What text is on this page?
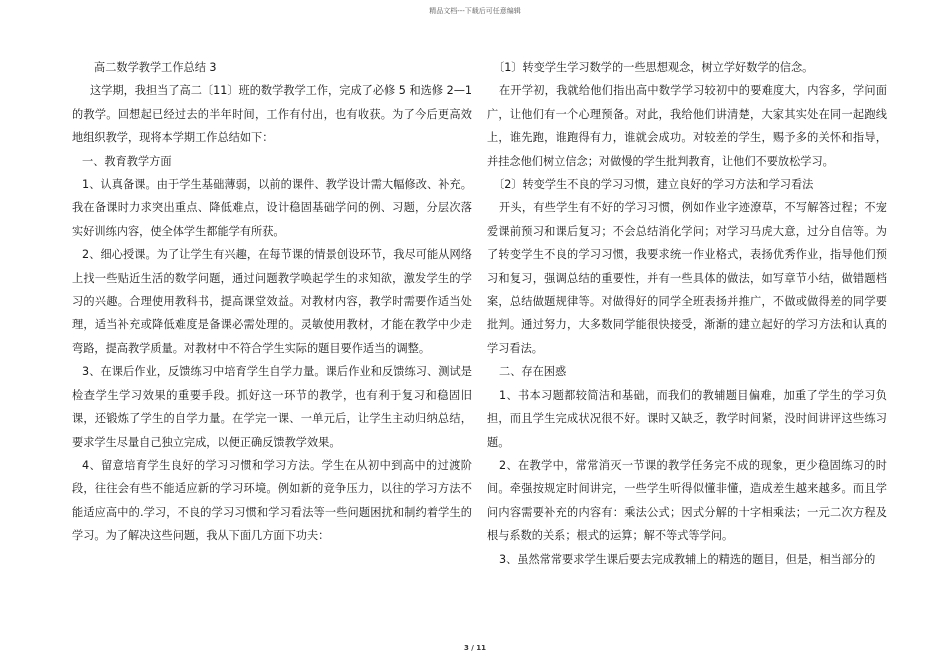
精品文档---下载后可任意编辑

高二数学教学工作总结 3

这学期，我担当了高二〔11〕班的数学教学工作，完成了必修 5 和选修 2—1 的教学。回想起已经过去的半年时间，工作有付出，也有收获。为了今后更高效地组织教学，现将本学期工作总结如下：

一、教育教学方面

1、认真备课。由于学生基础薄弱，以前的课件、教学设计需大幅修改、补充。我在备课时力求突出重点、降低难点，设计稳固基础学问的例、习题，分层次落实好训练内容，使全体学生都能学有所获。

2、细心授课。为了让学生有兴趣，在每节课的情景创设环节，我尽可能从网络上找一些贴近生活的数学问题，通过问题教学唤起学生的求知欲，激发学生的学习的兴趣。合理使用教科书，提高课堂效益。对教材内容，教学时需要作适当处理，适当补充或降低难度是备课必需处理的。灵敏使用教材，才能在教学中少走弯路，提高教学质量。对教材中不符合学生实际的题目要作适当的调整。

3、在课后作业，反馈练习中培育学生自学力量。课后作业和反馈练习、测试是检查学生学习效果的重要手段。抓好这一环节的教学，也有利于复习和稳固旧课，还锻炼了学生的自学力量。在学完一课、一单元后，让学生主动归纳总结，要求学生尽量自己独立完成，以便正确反馈教学效果。

4、留意培育学生良好的学习习惯和学习方法。学生在从初中到高中的过渡阶段，往往会有些不能适应新的学习环境。例如新的竞争压力，以往的学习方法不能适应高中的.学习，不良的学习习惯和学习看法等一些问题困扰和制约着学生的学习。为了解决这些问题，我从下面几方面下功夫：

〔1〕转变学生学习数学的一些思想观念，树立学好数学的信念。

在开学初，我就给他们指出高中数学学习较初中的要难度大，内容多，学问面广，让他们有一个心理预备。对此，我给他们讲清楚，大家其实处在同一起跑线上，谁先跑，谁跑得有力，谁就会成功。对较差的学生，赐予多的关怀和指导，并挂念他们树立信念；对做慢的学生批判教育，让他们不要放松学习。

〔2〕转变学生不良的学习习惯，建立良好的学习方法和学习看法

开头，有些学生有不好的学习习惯，例如作业字迹潦草，不写解答过程；不宠爱课前预习和课后复习；不会总结消化学问；对学习马虎大意，过分自信等。为了转变学生不良的学习习惯，我要求统一作业格式，表扬优秀作业，指导他们预习和复习，强调总结的重要性，并有一些具体的做法，如写章节小结，做错题档案，总结做题规律等。对做得好的同学全班表扬并推广，不做或做得差的同学要批判。通过努力，大多数同学能很快接受，渐渐的建立起好的学习方法和认真的学习看法。

二、存在困惑

1、书本习题都较简洁和基础，而我们的教辅题目偏难，加重了学生的学习负担，而且学生完成状况很不好。课时又缺乏，教学时间紧，没时间讲评这些练习题。

2、在教学中，常常消灭一节课的教学任务完不成的现象，更少稳固练习的时间。牵强按规定时间讲完，一些学生听得似懂非懂，造成差生越来越多。而且学问内容需要补充的内容有：乘法公式；因式分解的十字相乘法；一元二次方程及根与系数的关系；根式的运算；解不等式等学问。

3、虽然常常要求学生课后要去完成教辅上的精选的题目，但是，相当部分的

3 / 11
